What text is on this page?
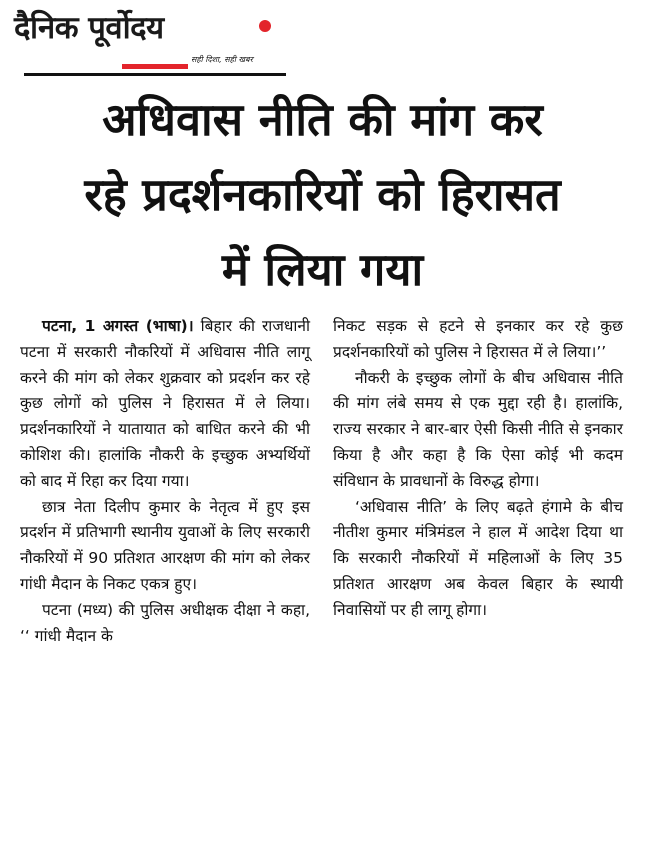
दैनिक पूर्वोदय
सही दिशा, सही खबर
अधिवास नीति की मांग कर
रहे प्रदर्शनकारियों को हिरासत
में लिया गया

पटना, 1 अगस्त (भाषा)। बिहार की राजधानी पटना में सरकारी नौकरियों में अधिवास नीति लागू करने की मांग को लेकर शुक्रवार को प्रदर्शन कर रहे कुछ लोगों को पुलिस ने हिरासत में ले लिया। प्रदर्शनकारियों ने यातायात को बाधित करने की भी कोशिश की। हालांकि नौकरी के इच्छुक अभ्यर्थियों को बाद में रिहा कर दिया गया।

छात्र नेता दिलीप कुमार के नेतृत्व में हुए इस प्रदर्शन में प्रतिभागी स्थानीय युवाओं के लिए सरकारी नौकरियों में 90 प्रतिशत आरक्षण की मांग को लेकर गांधी मैदान के निकट एकत्र हुए।

पटना (मध्य) की पुलिस अधीक्षक दीक्षा ने कहा, ‘‘ गांधी मैदान के

निकट सड़क से हटने से इनकार कर रहे कुछ प्रदर्शनकारियों को पुलिस ने हिरासत में ले लिया।’’

नौकरी के इच्छुक लोगों के बीच अधिवास नीति की मांग लंबे समय से एक मुद्दा रही है। हालांकि, राज्य सरकार ने बार-बार ऐसी किसी नीति से इनकार किया है और कहा है कि ऐसा कोई भी कदम संविधान के प्रावधानों के विरुद्ध होगा।

‘अधिवास नीति’ के लिए बढ़ते हंगामे के बीच नीतीश कुमार मंत्रिमंडल ने हाल में आदेश दिया था कि सरकारी नौकरियों में महिलाओं के लिए 35 प्रतिशत आरक्षण अब केवल बिहार के स्थायी निवासियों पर ही लागू होगा।
